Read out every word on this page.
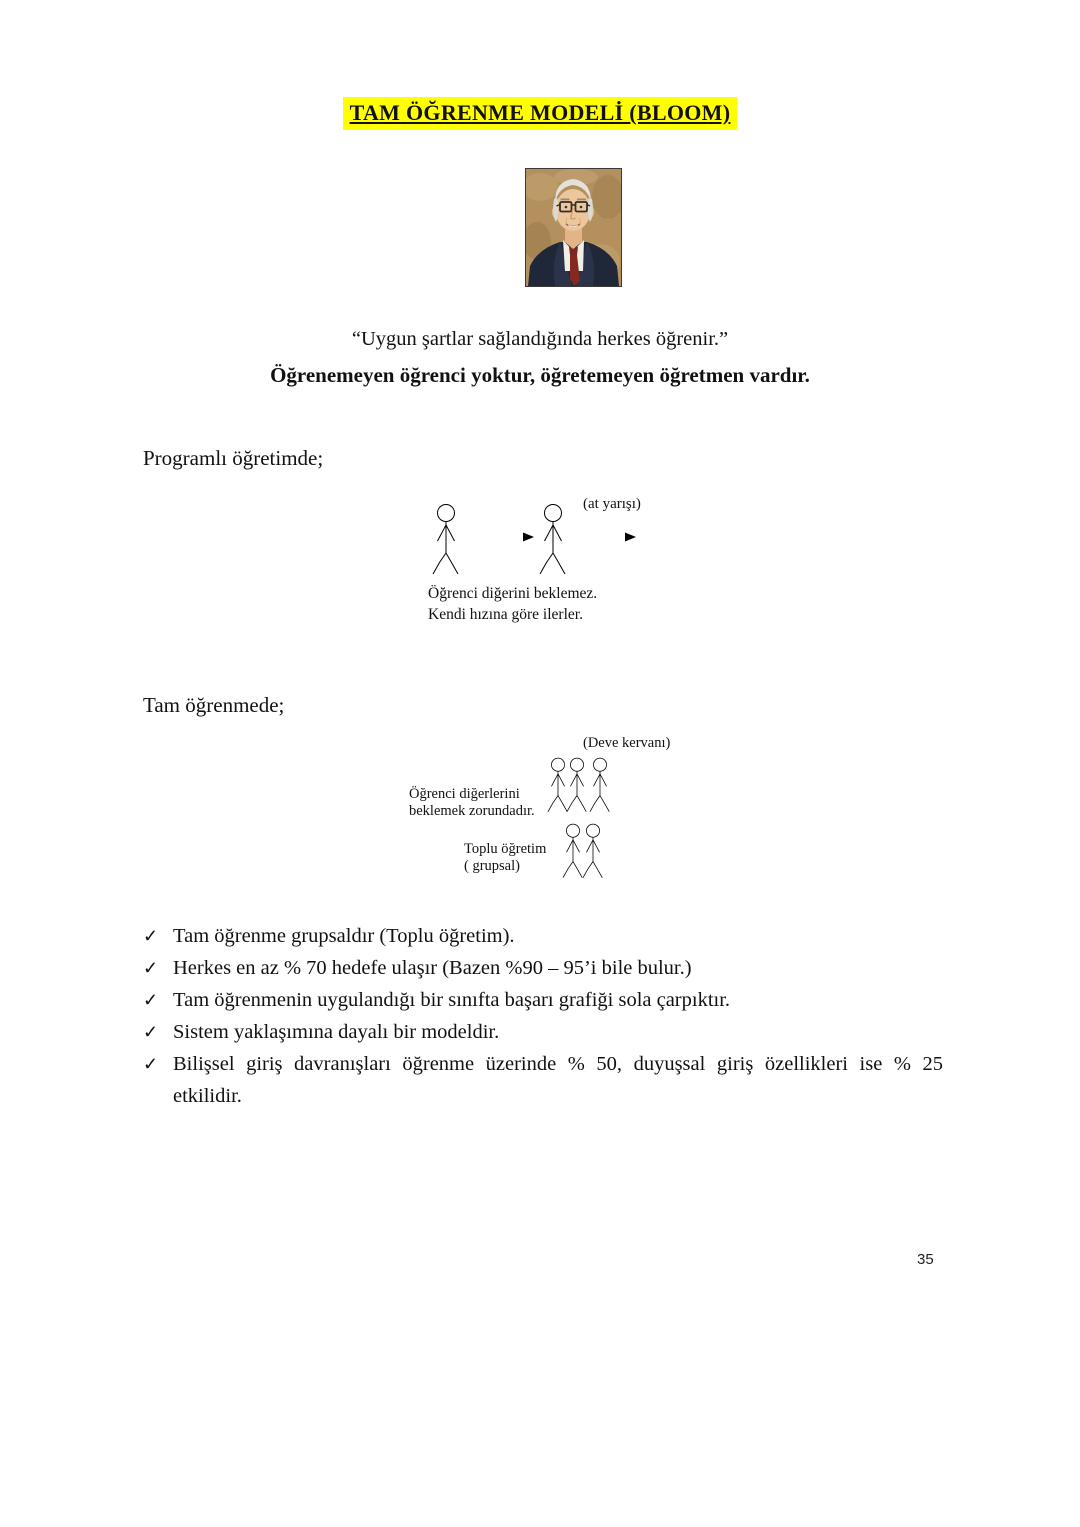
TAM ÖĞRENME MODELİ (BLOOM)
“Uygun şartlar sağlandığında herkes öğrenir.”
Öğrenemeyen öğrenci yoktur, öğretemeyen öğretmen vardır.
Programlı öğretimde;
(at yarışı)
Öğrenci diğerini beklemez.
Kendi hızına göre ilerler.
Tam öğrenmede;
(Deve kervanı)
Öğrenci diğerlerini
beklemek zorundadır.
Toplu öğretim
( grupsal)
✓ Tam öğrenme grupsaldır (Toplu öğretim).
✓ Herkes en az % 70 hedefe ulaşır (Bazen %90 – 95’i bile bulur.)
✓ Tam öğrenmenin uygulandığı bir sınıfta başarı grafiği sola çarpıktır.
✓ Sistem yaklaşımına dayalı bir modeldir.
✓ Bilişsel giriş davranışları öğrenme üzerinde % 50, duyuşsal giriş özellikleri ise % 25
etkilidir.
35
